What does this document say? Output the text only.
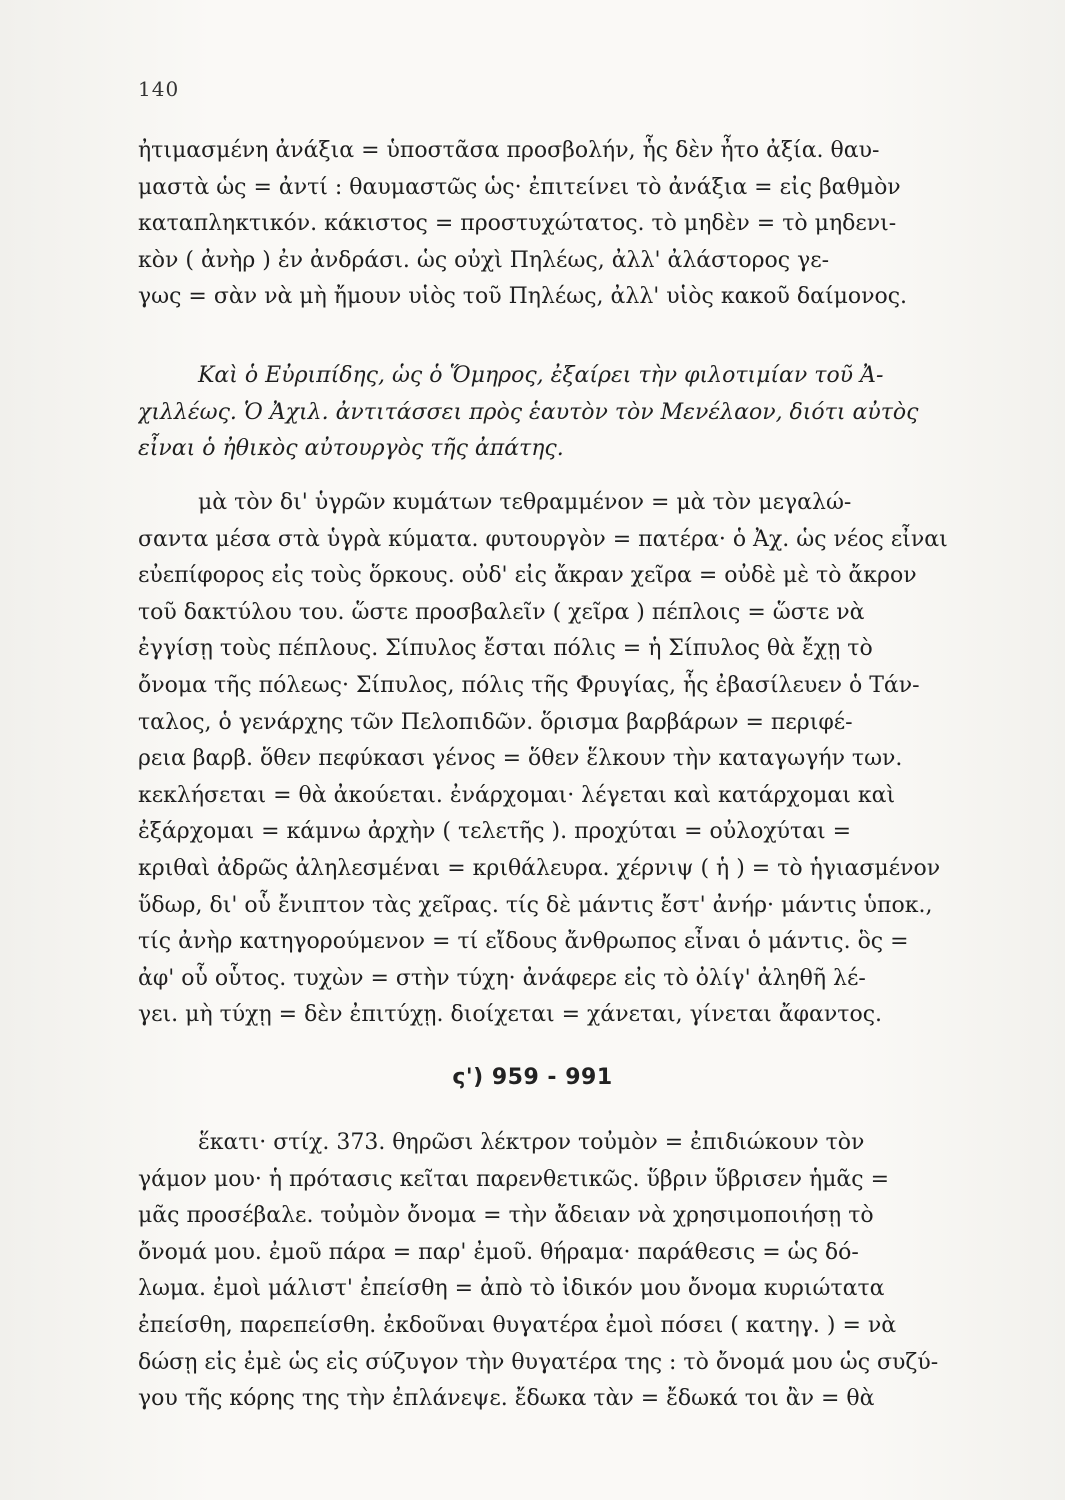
140
ἠτιμασμένη ἀνάξια = ὑποστᾶσα προσβολήν, ἧς δὲν ἦτο ἀξία. θαυ-
μαστὰ ὡς = ἀντί : θαυμαστῶς ὡς· ἐπιτείνει τὸ ἀνάξια = εἰς βαθμὸν
καταπληκτικόν. κάκιστος = προστυχώτατος. τὸ μηδὲν = τὸ μηδενι-
κὸν ( ἀνὴρ ) ἐν ἀνδράσι. ὡς οὐχὶ Πηλέως, ἀλλ' ἀλάστορος γε-
γως = σὰν νὰ μὴ ἤμουν υἱὸς τοῦ Πηλέως, ἀλλ' υἱὸς κακοῦ δαίμονος.
Καὶ ὁ Εὐριπίδης, ὡς ὁ Ὅμηρος, ἐξαίρει τὴν φιλοτιμίαν τοῦ Ἀ-
χιλλέως. Ὁ Ἀχιλ. ἀντιτάσσει πρὸς ἑαυτὸν τὸν Μενέλαον, διότι αὐτὸς
εἶναι ὁ ἠθικὸς αὐτουργὸς τῆς ἀπάτης.
μὰ τὸν δι' ὑγρῶν κυμάτων τεθραμμένον = μὰ τὸν μεγαλώ-
σαντα μέσα στὰ ὑγρὰ κύματα. φυτουργὸν = πατέρα· ὁ Ἀχ. ὡς νέος εἶναι
εὐεπίφορος εἰς τοὺς ὅρκους. οὐδ' εἰς ἄκραν χεῖρα = οὐδὲ μὲ τὸ ἄκρον
τοῦ δακτύλου του. ὥστε προσβαλεῖν ( χεῖρα ) πέπλοις = ὥστε νὰ
ἐγγίσῃ τοὺς πέπλους. Σίπυλος ἔσται πόλις = ἡ Σίπυλος θὰ ἔχῃ τὸ
ὄνομα τῆς πόλεως· Σίπυλος, πόλις τῆς Φρυγίας, ἧς ἐβασίλευεν ὁ Τάν-
ταλος, ὁ γενάρχης τῶν Πελοπιδῶν. ὅρισμα βαρβάρων = περιφέ-
ρεια βαρβ. ὅθεν πεφύκασι γένος = ὅθεν ἕλκουν τὴν καταγωγήν των.
κεκλήσεται = θὰ ἀκούεται. ἐνάρχομαι· λέγεται καὶ κατάρχομαι καὶ
ἐξάρχομαι = κάμνω ἀρχὴν ( τελετῆς ). προχύται = οὐλοχύται =
κριθαὶ ἀδρῶς ἀληλεσμέναι = κριθάλευρα. χέρνιψ ( ἡ ) = τὸ ἡγιασμένον
ὕδωρ, δι' οὗ ἔνιπτον τὰς χεῖρας. τίς δὲ μάντις ἔστ' ἀνήρ· μάντις ὑποκ.,
τίς ἀνὴρ κατηγορούμενον = τί εἴδους ἄνθρωπος εἶναι ὁ μάντις. ὃς =
ἀφ' οὗ οὗτος. τυχὼν = στὴν τύχη· ἀνάφερε εἰς τὸ ὀλίγ' ἀληθῆ λέ-
γει. μὴ τύχῃ = δὲν ἐπιτύχῃ. διοίχεται = χάνεται, γίνεται ἄφαντος.
ς') 959 - 991
ἕκατι· στίχ. 373. θηρῶσι λέκτρον τοὐμὸν = ἐπιδιώκουν τὸν
γάμον μου· ἡ πρότασις κεῖται παρενθετικῶς. ὕβριν ὕβρισεν ἡμᾶς =
μᾶς προσέβαλε. τοὐμὸν ὄνομα = τὴν ἄδειαν νὰ χρησιμοποιήσῃ τὸ
ὄνομά μου. ἐμοῦ πάρα = παρ' ἐμοῦ. θήραμα· παράθεσις = ὡς δό-
λωμα. ἐμοὶ μάλιστ' ἐπείσθη = ἀπὸ τὸ ἰδικόν μου ὄνομα κυριώτατα
ἐπείσθη, παρεπείσθη. ἐκδοῦναι θυγατέρα ἐμοὶ πόσει ( κατηγ. ) = νὰ
δώσῃ εἰς ἐμὲ ὡς εἰς σύζυγον τὴν θυγατέρα της : τὸ ὄνομά μου ὡς συζύ-
γου τῆς κόρης της τὴν ἐπλάνεψε. ἔδωκα τὰν = ἔδωκά τοι ἂν = θὰ
